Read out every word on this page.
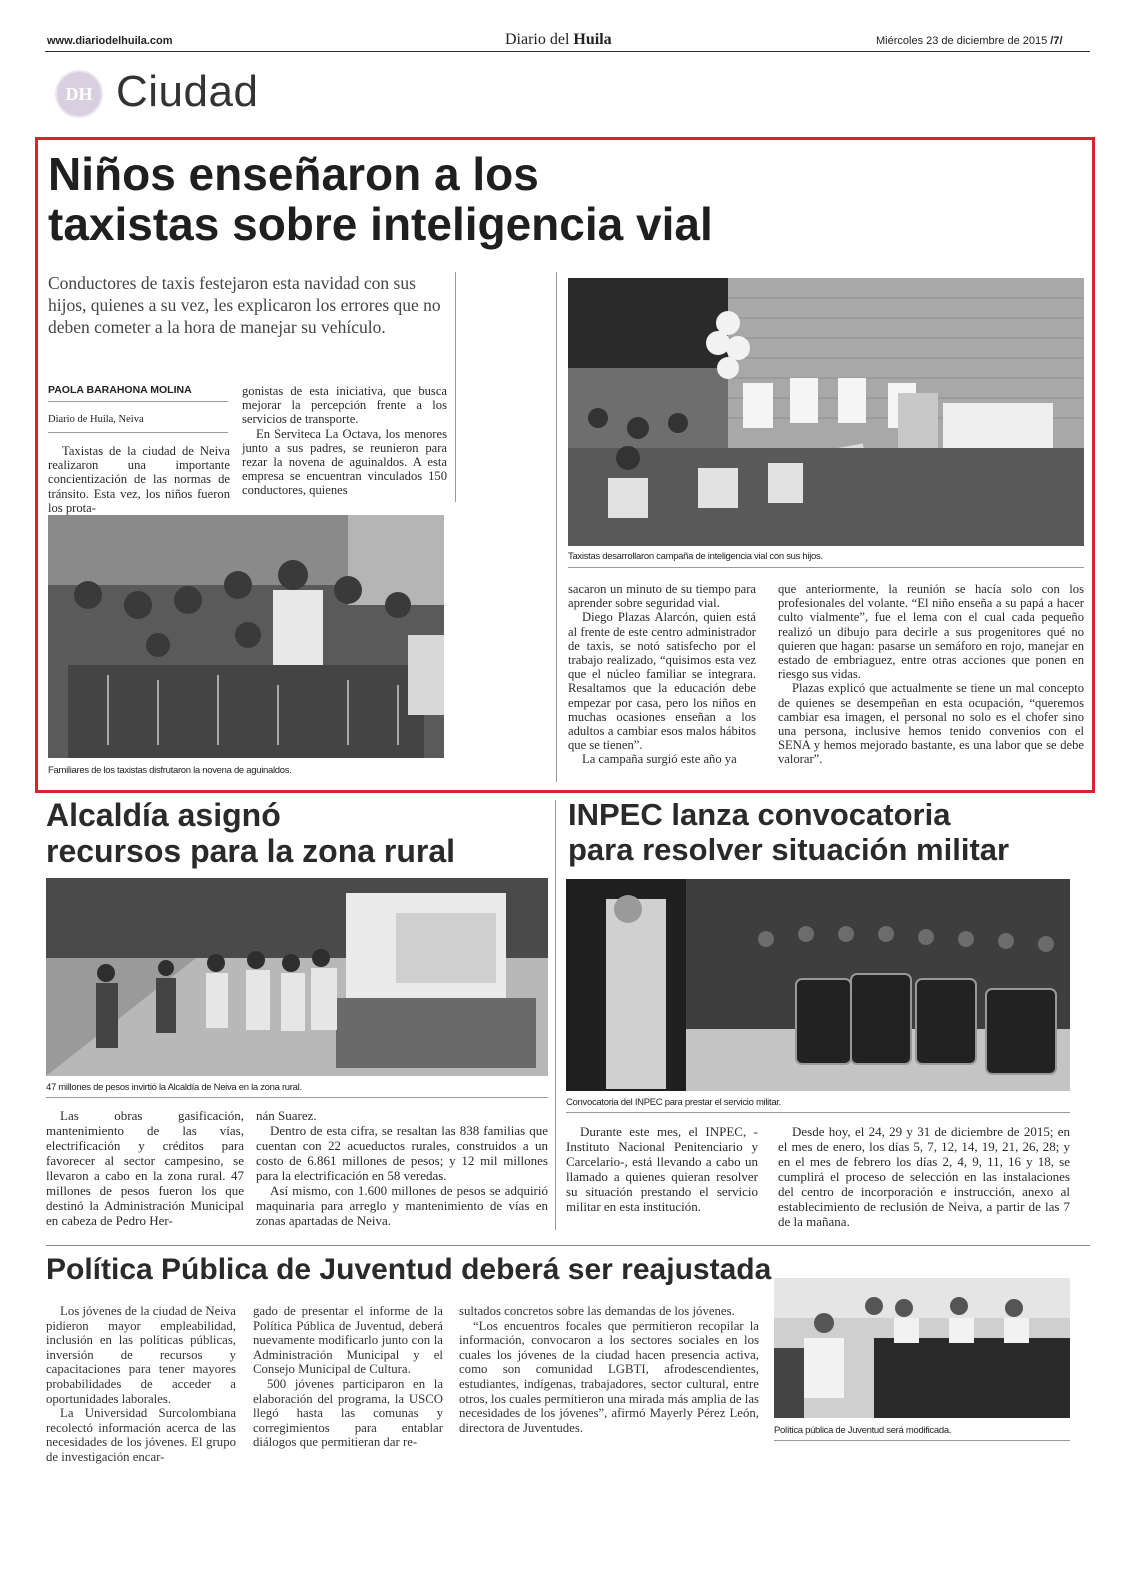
www.diariodelhuila.com	Diario del Huila	Miércoles 23 de diciembre de 2015 /7/
DH Ciudad
Niños enseñaron a los
taxistas sobre inteligencia vial
Conductores de taxis festejaron esta navidad con sus hijos, quienes a su vez, les explicaron los errores que no deben cometer a la hora de manejar su vehículo.
PAOLA BARAHONA MOLINA
Diario de Huila, Neiva

Taxistas de la ciudad de Neiva realizaron una importante concientización de las normas de tránsito. Esta vez, los niños fueron los prota-

gonistas de esta iniciativa, que busca mejorar la percepción frente a los servicios de transporte.

En Serviteca La Octava, los menores junto a sus padres, se reunieron para rezar la novena de aguinaldos. A esta empresa se encuentran vinculados 150 conductores, quienes

Familiares de los taxistas disfrutaron la novena de aguinaldos.
Taxistas desarrollaron campaña de inteligencia vial con sus hijos.

sacaron un minuto de su tiempo para aprender sobre seguridad vial.

Diego Plazas Alarcón, quien está al frente de este centro administrador de taxis, se notó satisfecho por el trabajo realizado, “quisimos esta vez que el núcleo familiar se integrara. Resaltamos que la educación debe empezar por casa, pero los niños en muchas ocasiones enseñan a los adultos a cambiar esos malos hábitos que se tienen”.

La campaña surgió este año ya

que anteriormente, la reunión se hacía solo con los profesionales del volante. “El niño enseña a su papá a hacer culto vialmente”, fue el lema con el cual cada pequeño realizó un dibujo para decirle a sus progenitores qué no quieren que hagan: pasarse un semáforo en rojo, manejar en estado de embriaguez, entre otras acciones que ponen en riesgo sus vidas.

Plazas explicó que actualmente se tiene un mal concepto de quienes se desempeñan en esta ocupación, “queremos cambiar esa imagen, el personal no solo es el chofer sino una persona, inclusive hemos tenido convenios con el SENA y hemos mejorado bastante, es una labor que se debe valorar”.

Alcaldía asignó
recursos para la zona rural
47 millones de pesos invirtió la Alcaldía de Neiva en la zona rural.

Las obras gasificación, mantenimiento de las vías, electrificación y créditos para favorecer al sector campesino, se llevaron a cabo en la zona rural. 47 millones de pesos fueron los que destinó la Administración Municipal en cabeza de Pedro Her-

nán Suarez.

Dentro de esta cifra, se resaltan las 838 familias que cuentan con 22 acueductos rurales, construidos a un costo de 6.861 millones de pesos; y 12 mil millones para la electrificación en 58 veredas.

Así mismo, con 1.600 millones de pesos se adquirió maquinaria para arreglo y mantenimiento de vías en zonas apartadas de Neiva.

INPEC lanza convocatoria
para resolver situación militar
Convocatoria del INPEC para prestar el servicio militar.

Durante este mes, el INPEC, -Instituto Nacional Penitenciario y Carcelario-, está llevando a cabo un llamado a quienes quieran resolver su situación prestando el servicio militar en esta institución.

Desde hoy, el 24, 29 y 31 de diciembre de 2015; en el mes de enero, los días 5, 7, 12, 14, 19, 21, 26, 28; y en el mes de febrero los días 2, 4, 9, 11, 16 y 18, se cumplirá el proceso de selección en las instalaciones del centro de incorporación e instrucción, anexo al establecimiento de reclusión de Neiva, a partir de las 7 de la mañana.

Política Pública de Juventud deberá ser reajustada

Los jóvenes de la ciudad de Neiva pidieron mayor empleabilidad, inclusión en las políticas públicas, inversión de recursos y capacitaciones para tener mayores probabilidades de acceder a oportunidades laborales.

La Universidad Surcolombiana recolectó información acerca de las necesidades de los jóvenes. El grupo de investigación encar-

gado de presentar el informe de la Política Pública de Juventud, deberá nuevamente modificarlo junto con la Administración Municipal y el Consejo Municipal de Cultura.

500 jóvenes participaron en la elaboración del programa, la USCO llegó hasta las comunas y corregimientos para entablar diálogos que permitieran dar re-

sultados concretos sobre las demandas de los jóvenes.

“Los encuentros focales que permitieron recopilar la información, convocaron a los sectores sociales en los cuales los jóvenes de la ciudad hacen presencia activa, como son comunidad LGBTI, afrodescendientes, estudiantes, indígenas, trabajadores, sector cultural, entre otros, los cuales permitieron una mirada más amplia de las necesidades de los jóvenes”, afirmó Mayerly Pérez León, directora de Juventudes.	Política pública de Juventud será modificada.
